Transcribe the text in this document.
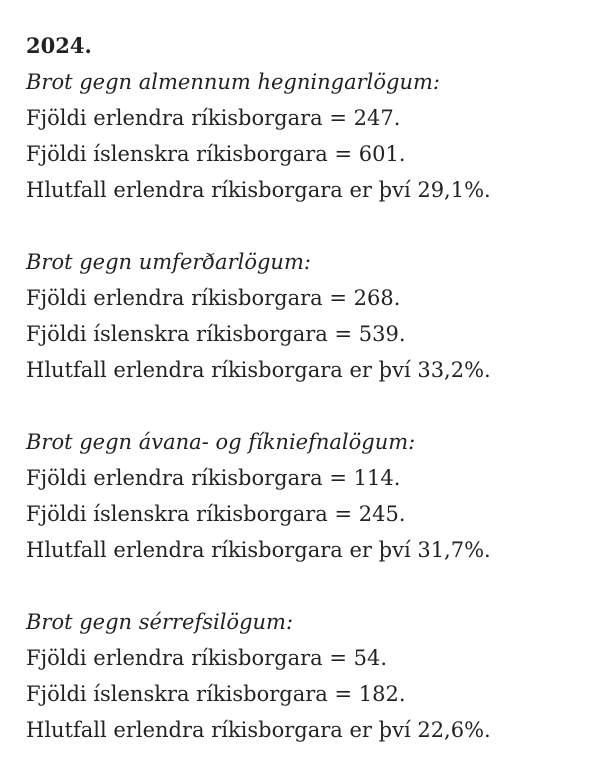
2024.
Brot gegn almennum hegningarlögum:
Fjöldi erlendra ríkisborgara = 247.
Fjöldi íslenskra ríkisborgara = 601.
Hlutfall erlendra ríkisborgara er því 29,1%.
Brot gegn umferðarlögum:
Fjöldi erlendra ríkisborgara = 268.
Fjöldi íslenskra ríkisborgara = 539.
Hlutfall erlendra ríkisborgara er því 33,2%.
Brot gegn ávana- og fíkniefnalögum:
Fjöldi erlendra ríkisborgara = 114.
Fjöldi íslenskra ríkisborgara = 245.
Hlutfall erlendra ríkisborgara er því 31,7%.
Brot gegn sérrefsilögum:
Fjöldi erlendra ríkisborgara = 54.
Fjöldi íslenskra ríkisborgara = 182.
Hlutfall erlendra ríkisborgara er því 22,6%.
